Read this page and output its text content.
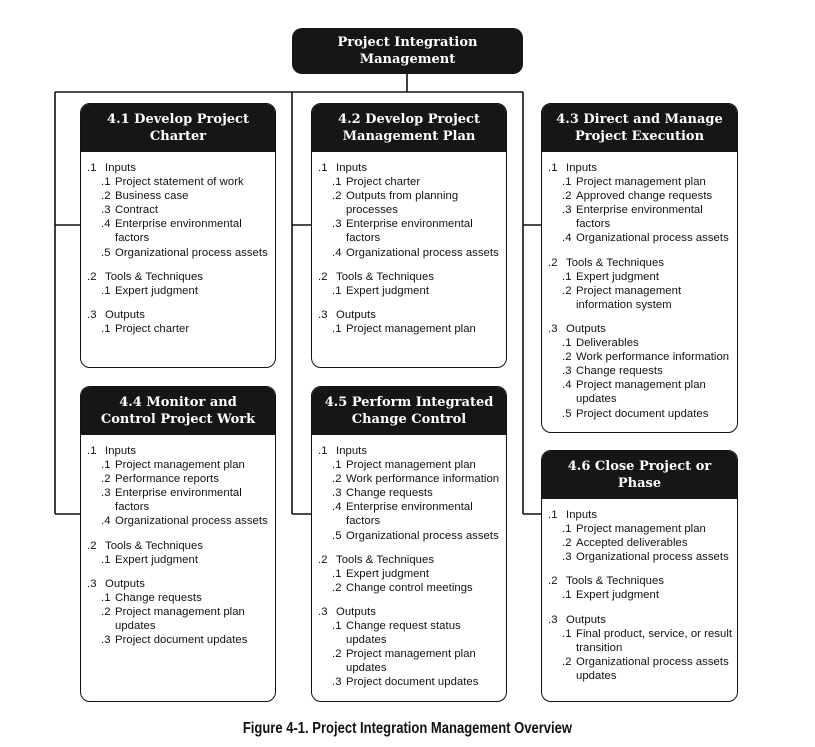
Project Integration Management
4.1 Develop Project Charter
.1 Inputs
.1 Project statement of work
.2 Business case
.3 Contract
.4 Enterprise environmental factors
.5 Organizational process assets
.2 Tools & Techniques
.1 Expert judgment
.3 Outputs
.1 Project charter
4.2 Develop Project Management Plan
.1 Inputs
.1 Project charter
.2 Outputs from planning processes
.3 Enterprise environmental factors
.4 Organizational process assets
.2 Tools & Techniques
.1 Expert judgment
.3 Outputs
.1 Project management plan
4.3 Direct and Manage Project Execution
.1 Inputs
.1 Project management plan
.2 Approved change requests
.3 Enterprise environmental factors
.4 Organizational process assets
.2 Tools & Techniques
.1 Expert judgment
.2 Project management information system
.3 Outputs
.1 Deliverables
.2 Work performance information
.3 Change requests
.4 Project management plan updates
.5 Project document updates
4.4 Monitor and Control Project Work
.1 Inputs
.1 Project management plan
.2 Performance reports
.3 Enterprise environmental factors
.4 Organizational process assets
.2 Tools & Techniques
.1 Expert judgment
.3 Outputs
.1 Change requests
.2 Project management plan updates
.3 Project document updates
4.5 Perform Integrated Change Control
.1 Inputs
.1 Project management plan
.2 Work performance information
.3 Change requests
.4 Enterprise environmental factors
.5 Organizational process assets
.2 Tools & Techniques
.1 Expert judgment
.2 Change control meetings
.3 Outputs
.1 Change request status updates
.2 Project management plan updates
.3 Project document updates
4.6 Close Project or Phase
.1 Inputs
.1 Project management plan
.2 Accepted deliverables
.3 Organizational process assets
.2 Tools & Techniques
.1 Expert judgment
.3 Outputs
.1 Final product, service, or result transition
.2 Organizational process assets updates
Figure 4-1. Project Integration Management Overview
